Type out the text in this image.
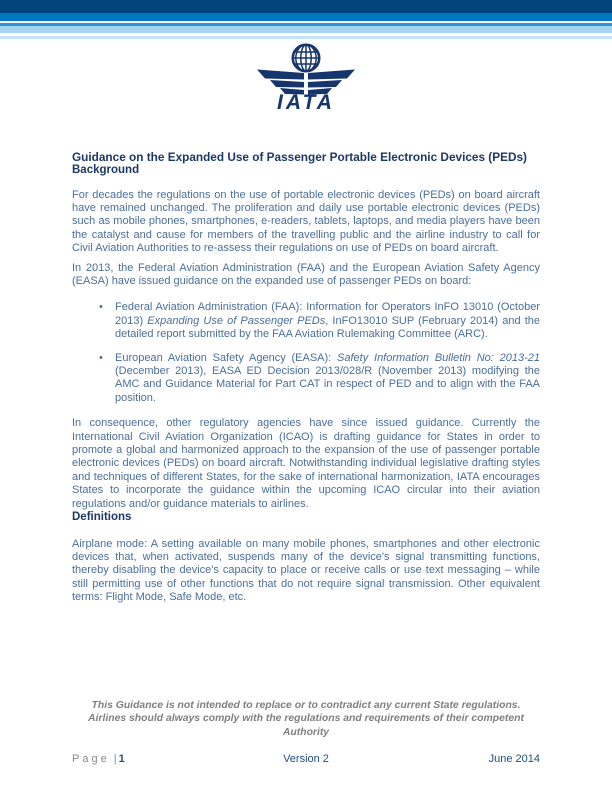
IATA
Guidance on the Expanded Use of Passenger Portable Electronic Devices (PEDs)
Background

For decades the regulations on the use of portable electronic devices (PEDs) on board aircraft have remained unchanged. The proliferation and daily use portable electronic devices (PEDs) such as mobile phones, smartphones, e-readers, tablets, laptops, and media players have been the catalyst and cause for members of the travelling public and the airline industry to call for Civil Aviation Authorities to re-assess their regulations on use of PEDs on board aircraft.

In 2013, the Federal Aviation Administration (FAA) and the European Aviation Safety Agency (EASA) have issued guidance on the expanded use of passenger PEDs on board:

• Federal Aviation Administration (FAA): Information for Operators InFO 13010 (October 2013) Expanding Use of Passenger PEDs, InFO13010 SUP (February 2014) and the detailed report submitted by the FAA Aviation Rulemaking Committee (ARC).
• European Aviation Safety Agency (EASA): Safety Information Bulletin No: 2013-21 (December 2013), EASA ED Decision 2013/028/R (November 2013) modifying the AMC and Guidance Material for Part CAT in respect of PED and to align with the FAA position.

In consequence, other regulatory agencies have since issued guidance. Currently the International Civil Aviation Organization (ICAO) is drafting guidance for States in order to promote a global and harmonized approach to the expansion of the use of passenger portable electronic devices (PEDs) on board aircraft. Notwithstanding individual legislative drafting styles and techniques of different States, for the sake of international harmonization, IATA encourages States to incorporate the guidance within the upcoming ICAO circular into their aviation regulations and/or guidance materials to airlines.

Definitions

Airplane mode: A setting available on many mobile phones, smartphones and other electronic devices that, when activated, suspends many of the device's signal transmitting functions, thereby disabling the device's capacity to place or receive calls or use text messaging – while still permitting use of other functions that do not require signal transmission. Other equivalent terms: Flight Mode, Safe Mode, etc.

This Guidance is not intended to replace or to contradict any current State regulations.
Airlines should always comply with the regulations and requirements of their competent Authority
Page | 1	Version 2	June 2014
